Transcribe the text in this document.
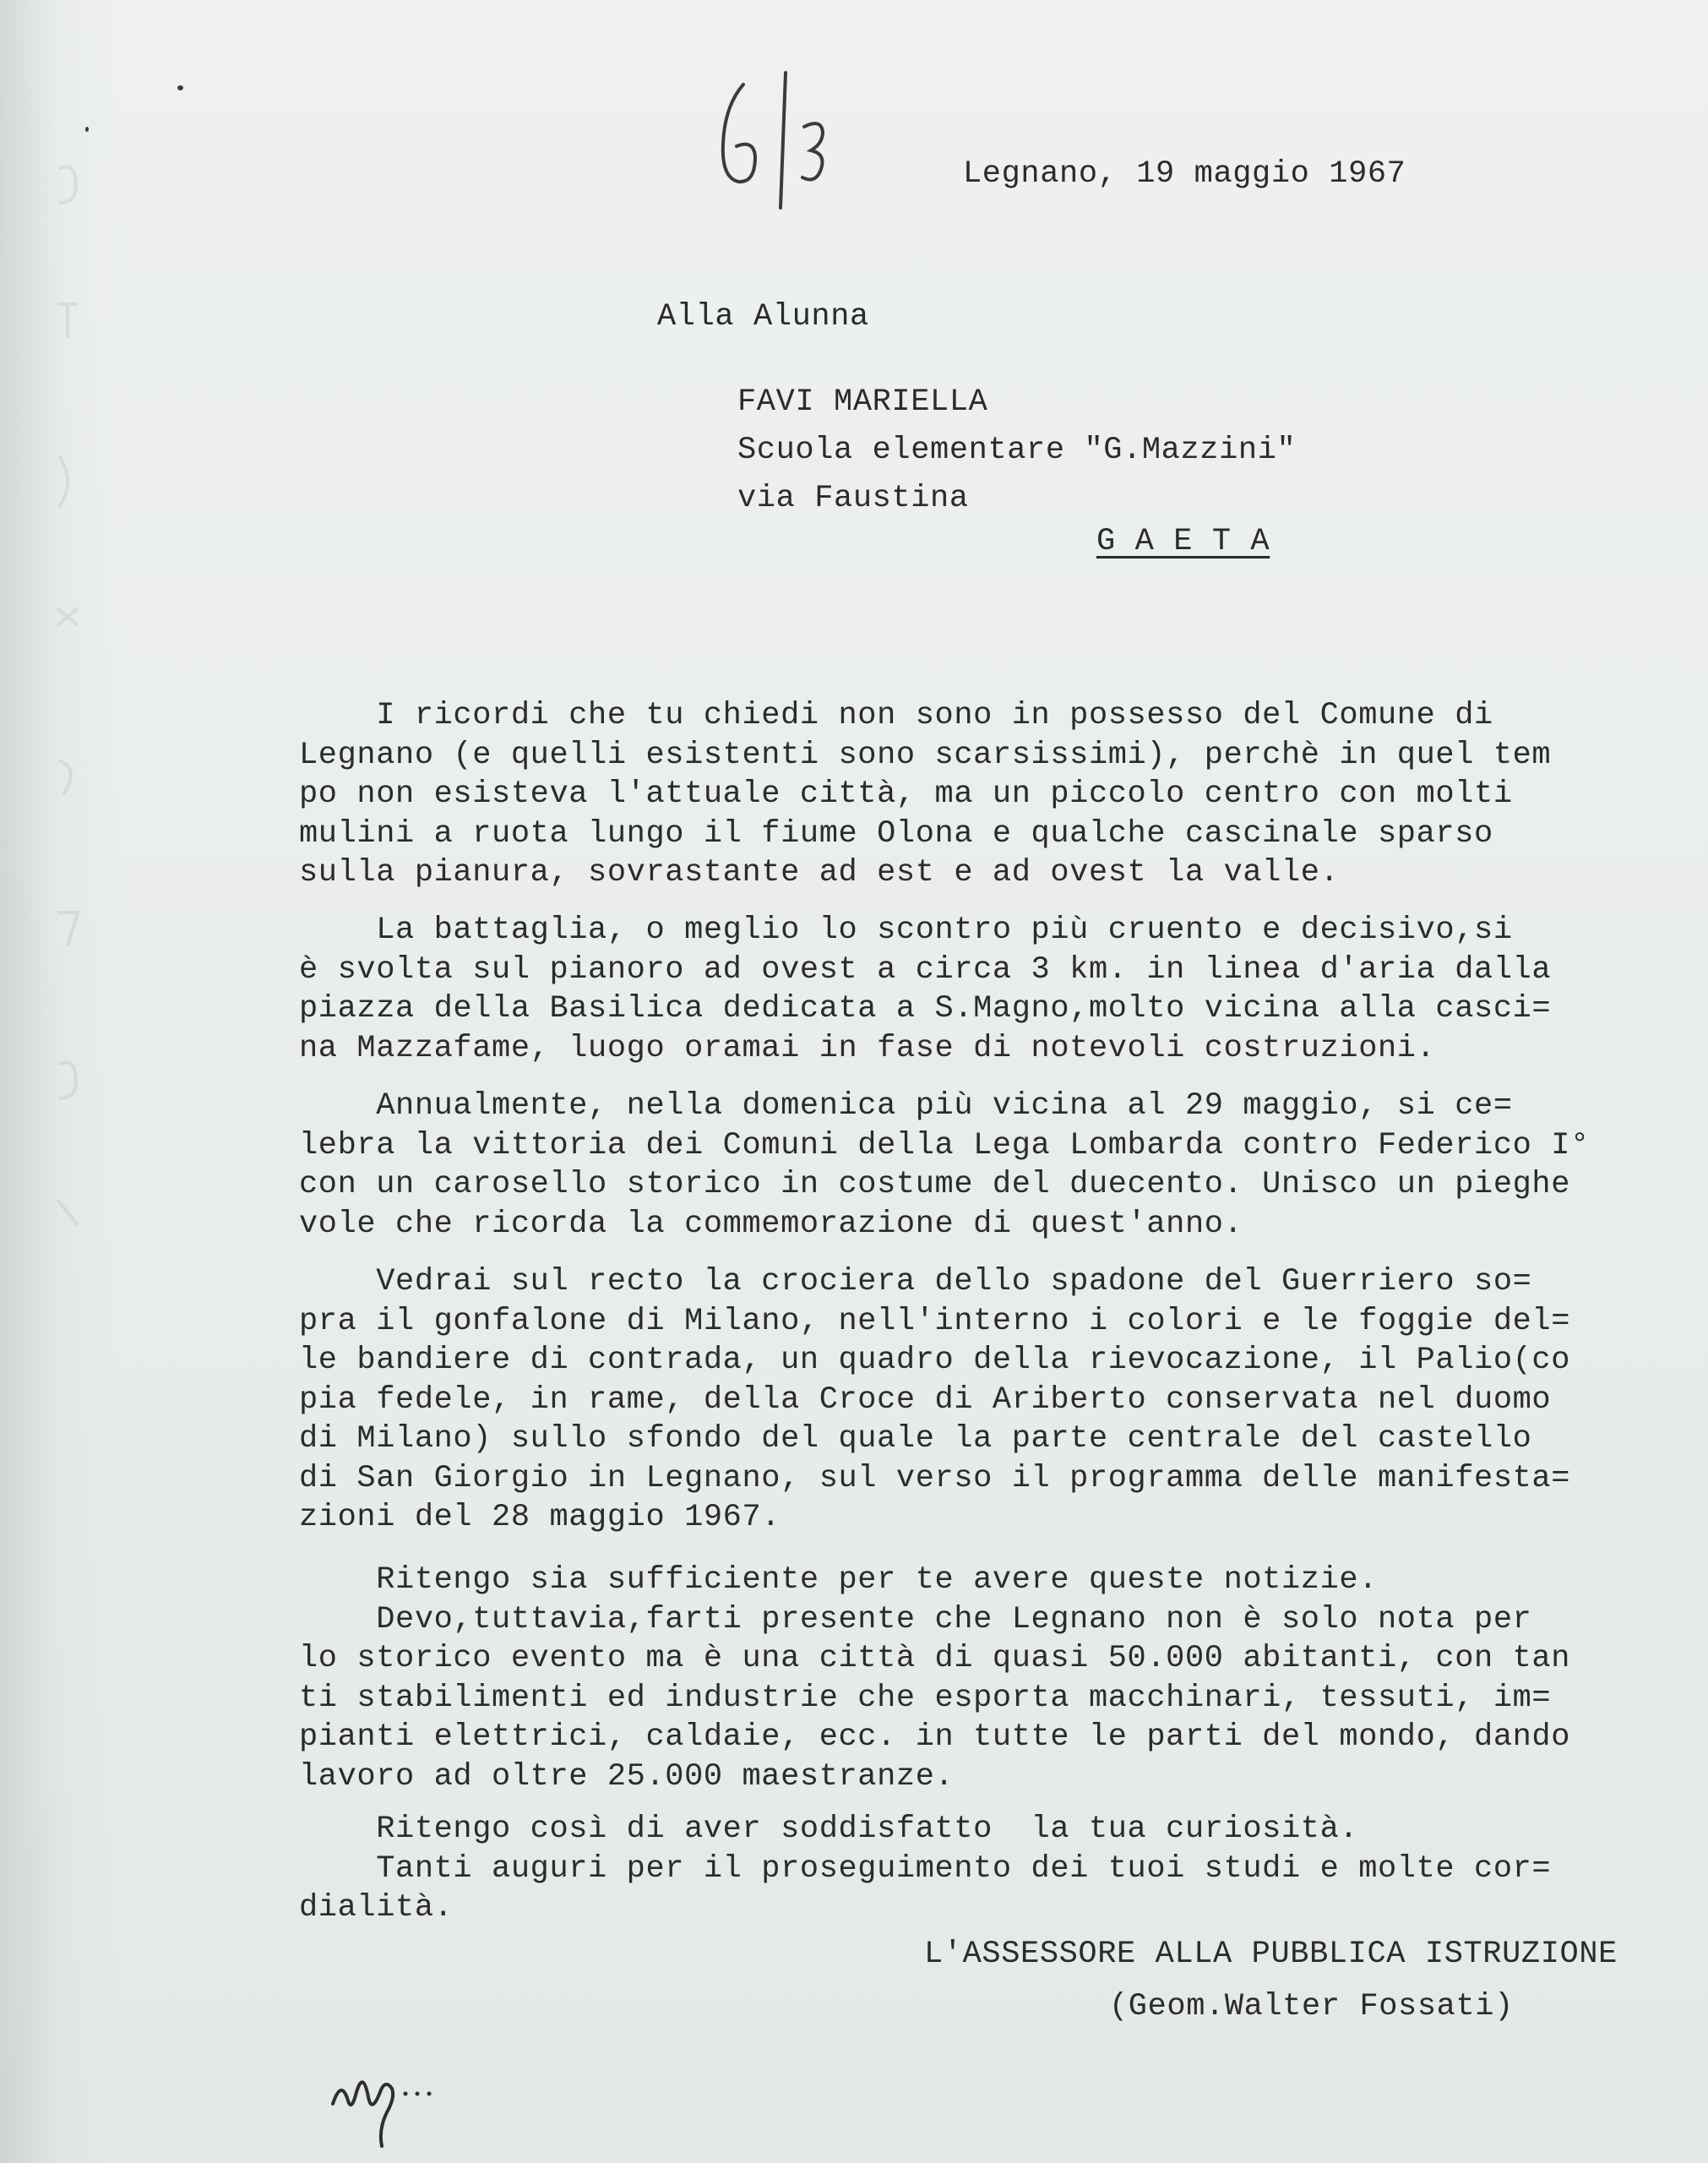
Legnano, 19 maggio 1967
Alla Alunna
FAVI MARIELLA
Scuola elementare "G.Mazzini"
via Faustina
G A E T A
I ricordi che tu chiedi non sono in possesso del Comune di
Legnano (e quelli esistenti sono scarsissimi), perchè in quel tem
po non esisteva l'attuale città, ma un piccolo centro con molti
mulini a ruota lungo il fiume Olona e qualche cascinale sparso
sulla pianura, sovrastante ad est e ad ovest la valle.
La battaglia, o meglio lo scontro più cruento e decisivo,si
è svolta sul pianoro ad ovest a circa 3 km. in linea d'aria dalla
piazza della Basilica dedicata a S.Magno,molto vicina alla casci=
na Mazzafame, luogo oramai in fase di notevoli costruzioni.
Annualmente, nella domenica più vicina al 29 maggio, si ce=
lebra la vittoria dei Comuni della Lega Lombarda contro Federico I°
con un carosello storico in costume del duecento. Unisco un pieghe
vole che ricorda la commemorazione di quest'anno.
Vedrai sul recto la crociera dello spadone del Guerriero so=
pra il gonfalone di Milano, nell'interno i colori e le foggie del=
le bandiere di contrada, un quadro della rievocazione, il Palio(co
pia fedele, in rame, della Croce di Ariberto conservata nel duomo
di Milano) sullo sfondo del quale la parte centrale del castello
di San Giorgio in Legnano, sul verso il programma delle manifesta=
zioni del 28 maggio 1967.
Ritengo sia sufficiente per te avere queste notizie.
Devo,tuttavia,farti presente che Legnano non è solo nota per
lo storico evento ma è una città di quasi 50.000 abitanti, con tan
ti stabilimenti ed industrie che esporta macchinari, tessuti, im=
pianti elettrici, caldaie, ecc. in tutte le parti del mondo, dando
lavoro ad oltre 25.000 maestranze.
Ritengo così di aver soddisfatto  la tua curiosità.
Tanti auguri per il proseguimento dei tuoi studi e molte cor=
dialità.
L'ASSESSORE ALLA PUBBLICA ISTRUZIONE
(Geom.Walter Fossati)
